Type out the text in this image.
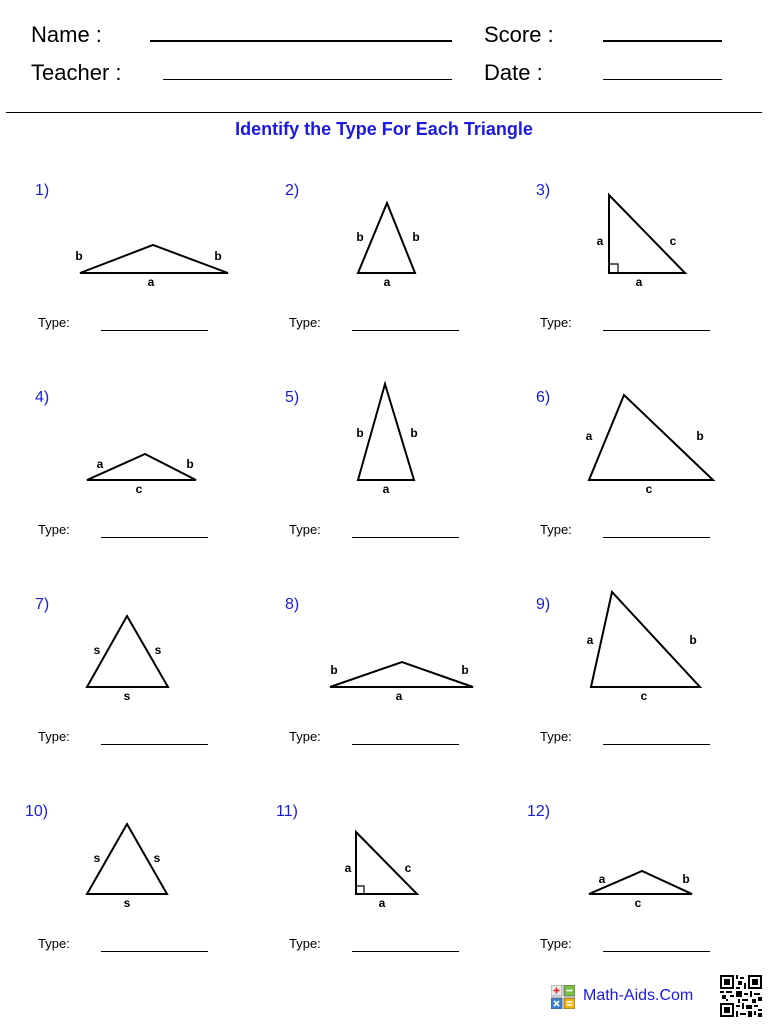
Name :
Teacher :
Score :
Date :
Identify the Type For Each Triangle
1)
b	b
a
Type:
2)
b	b
a
Type:
3)
a	c
a
Type:
4)
a	b
c
Type:
5)
b	b
a
Type:
6)
a	b
c
Type:
7)
s	s
s
Type:
8)
b	b
a
Type:
9)
a	b
c
Type:
10)
s	s
s
Type:
11)
a	c
a
Type:
12)
a	b
c
Type:
Math-Aids.Com
